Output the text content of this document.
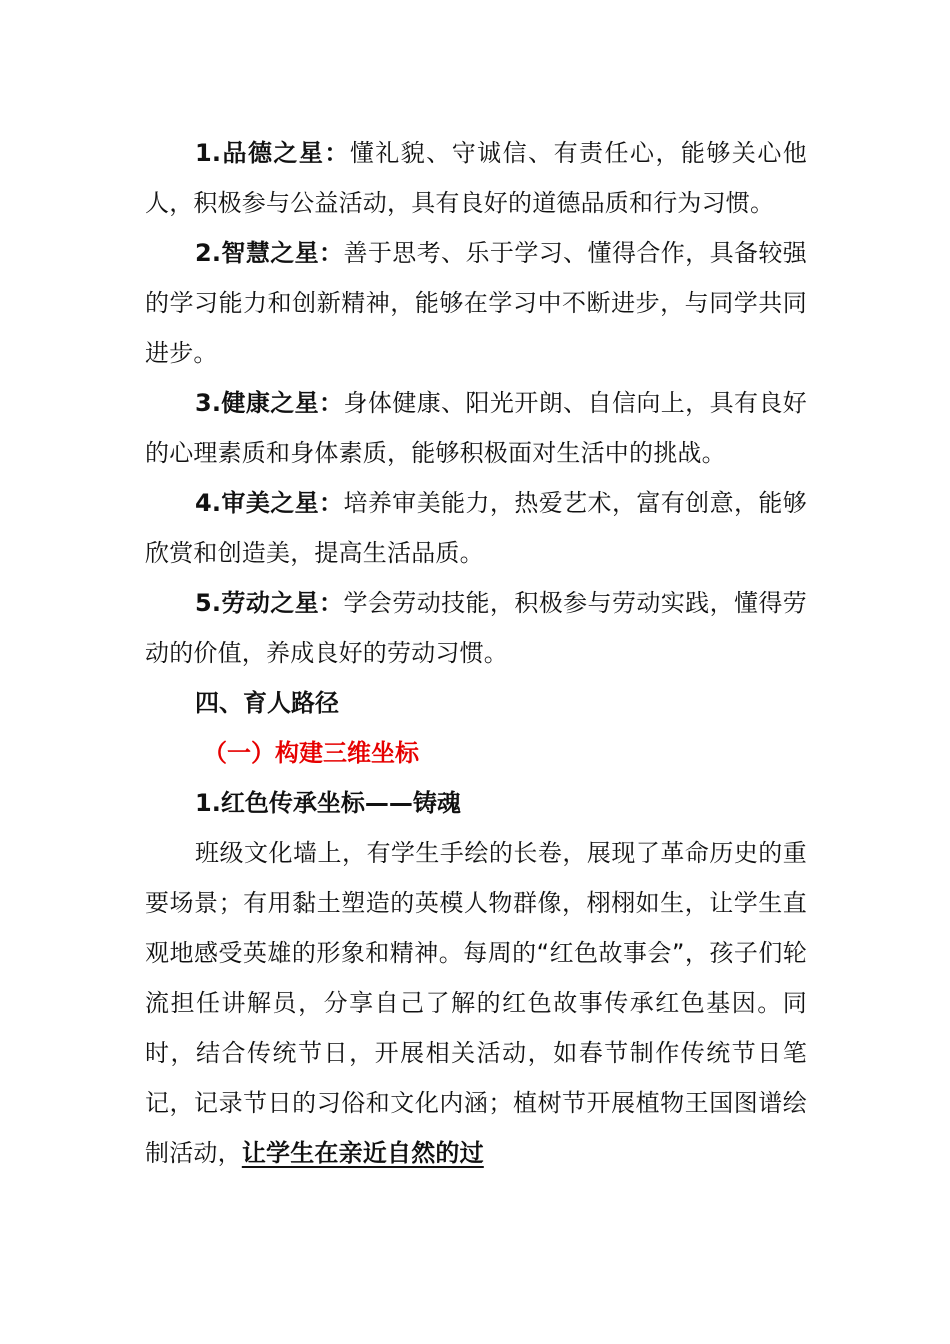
1.品德之星：懂礼貌、守诚信、有责任心，能够关心他人，积极参与公益活动，具有良好的道德品质和行为习惯。

2.智慧之星：善于思考、乐于学习、懂得合作，具备较强的学习能力和创新精神，能够在学习中不断进步，与同学共同进步。

3.健康之星：身体健康、阳光开朗、自信向上，具有良好的心理素质和身体素质，能够积极面对生活中的挑战。

4.审美之星：培养审美能力，热爱艺术，富有创意，能够欣赏和创造美，提高生活品质。

5.劳动之星：学会劳动技能，积极参与劳动实践，懂得劳动的价值，养成良好的劳动习惯。

四、育人路径

（一）构建三维坐标

1.红色传承坐标——铸魂

班级文化墙上，有学生手绘的长卷，展现了革命历史的重要场景；有用黏土塑造的英模人物群像，栩栩如生，让学生直观地感受英雄的形象和精神。每周的“红色故事会”，孩子们轮流担任讲解员，分享自己了解的红色故事传承红色基因。同时，结合传统节日，开展相关活动，如春节制作传统节日笔记，记录节日的习俗和文化内涵；植树节开展植物王国图谱绘制活动，让学生在亲近自然的过
